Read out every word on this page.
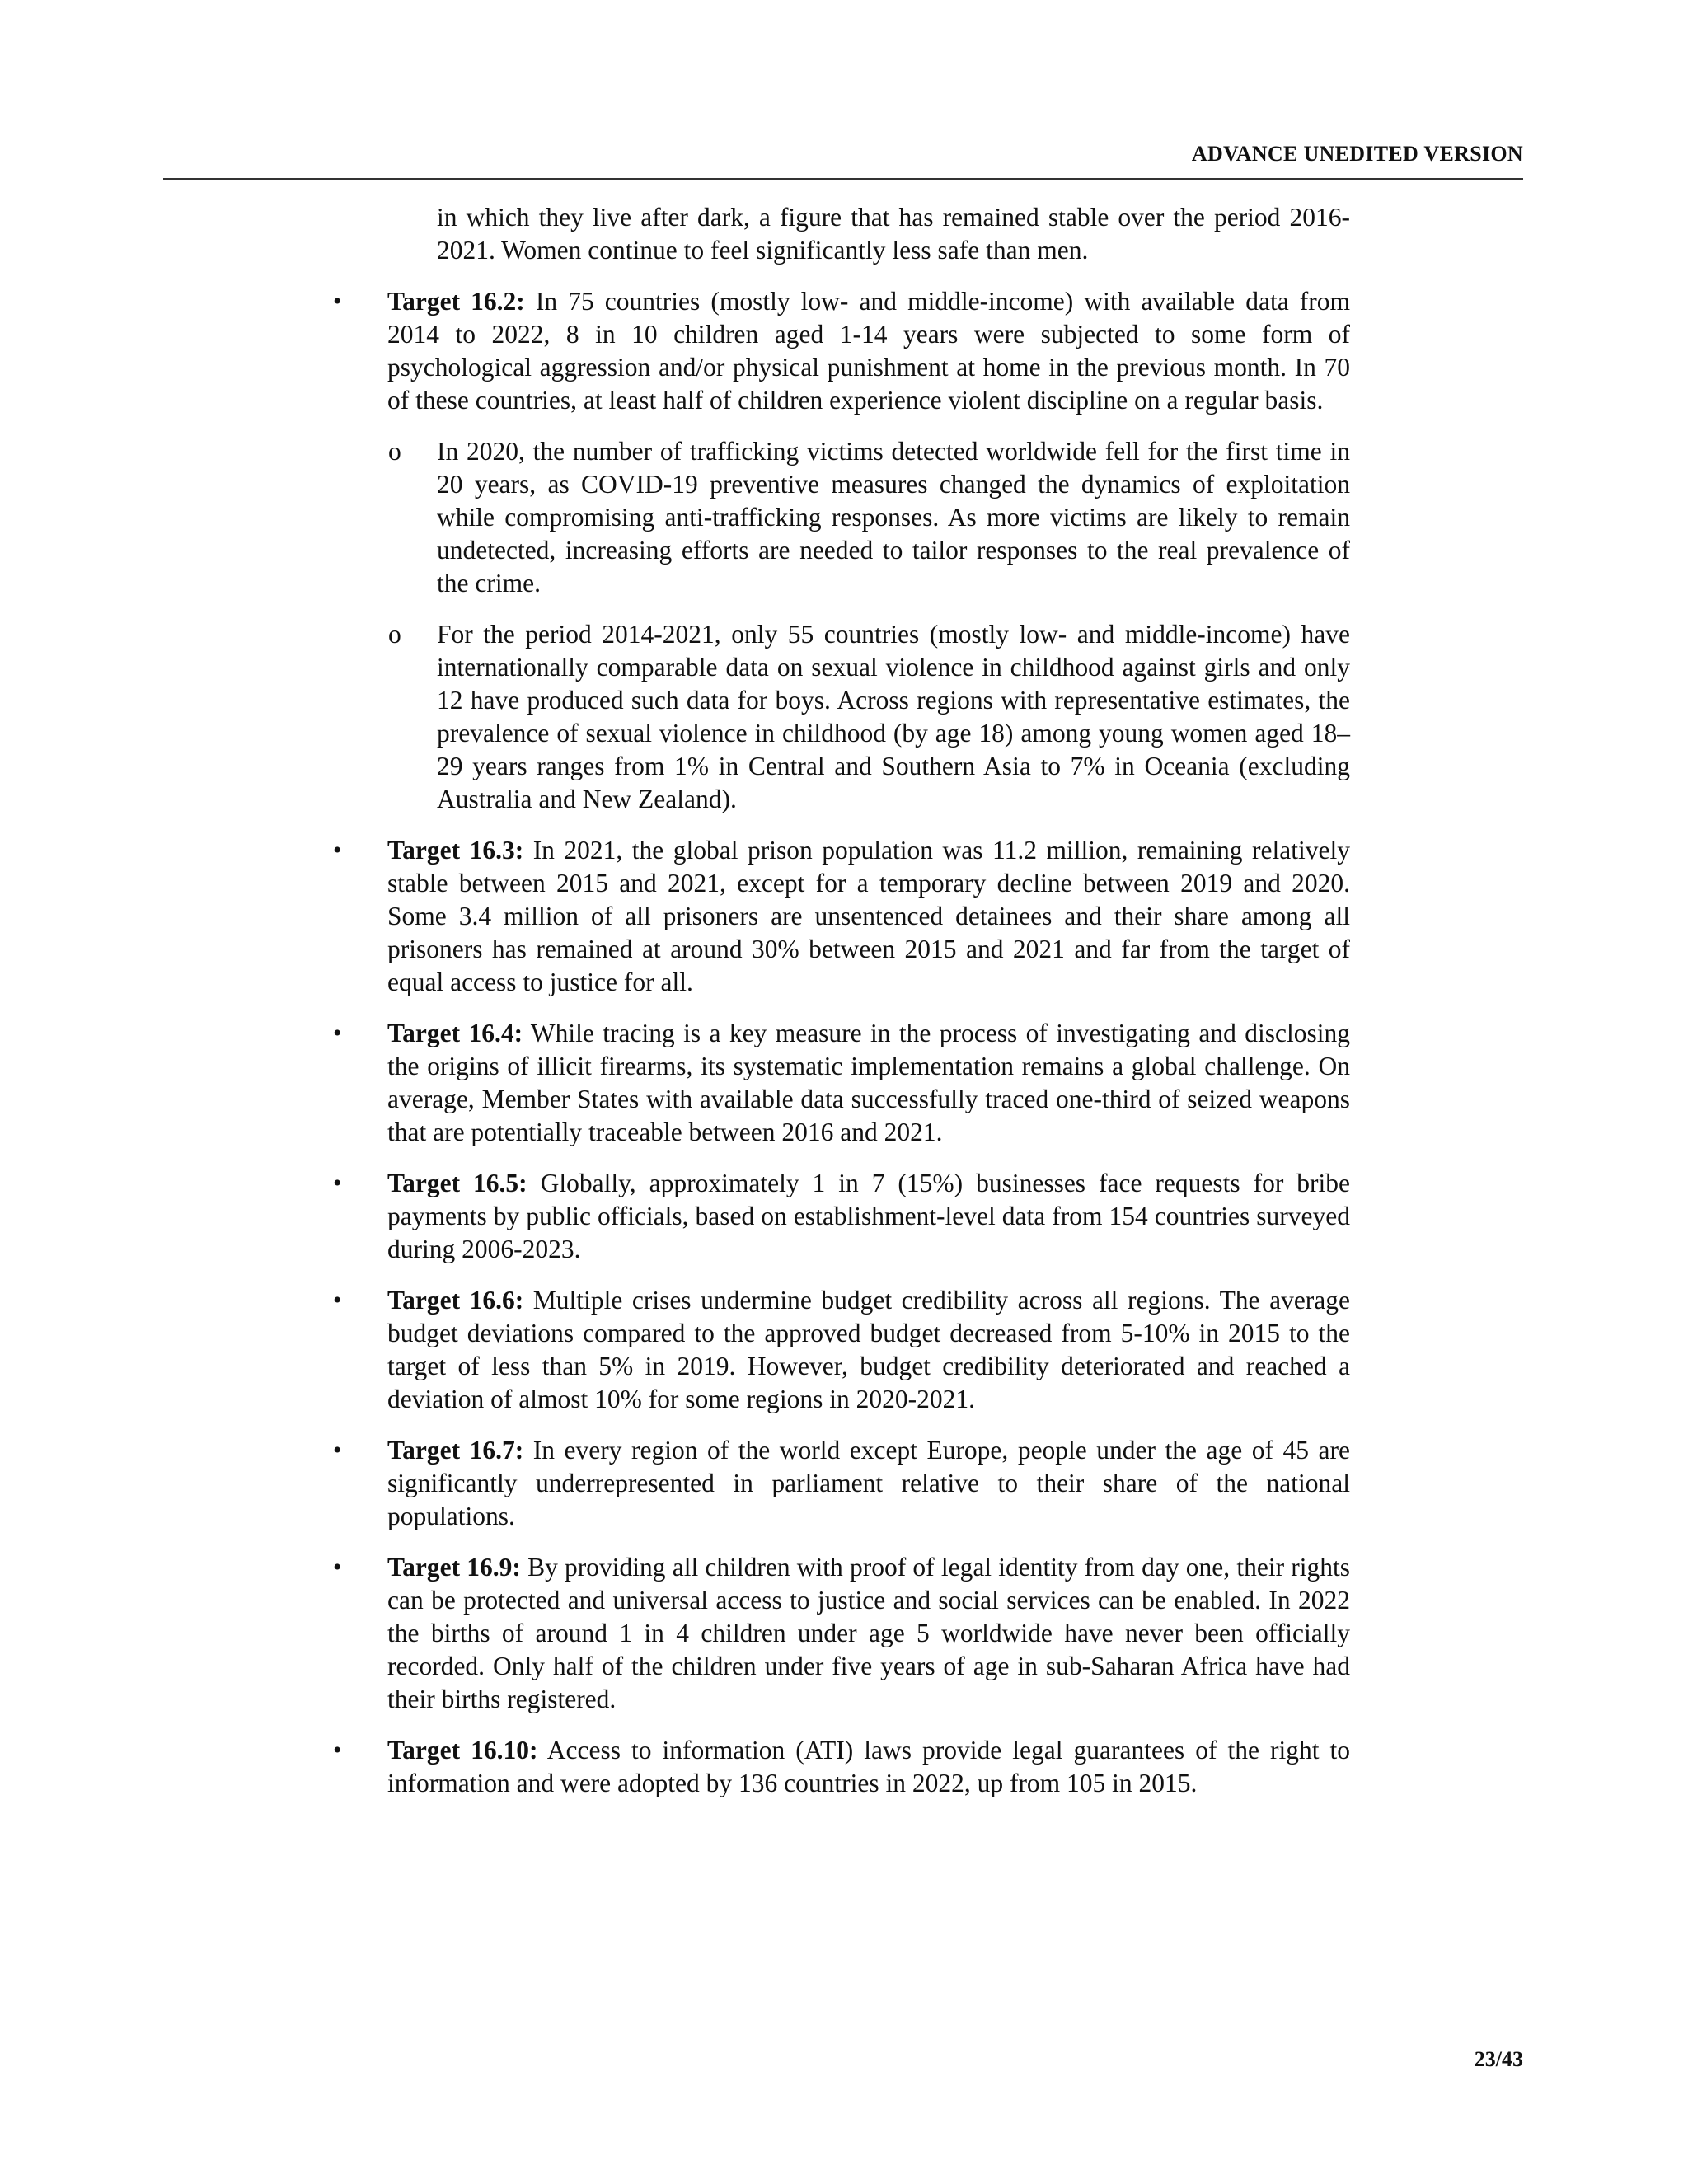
ADVANCE UNEDITED VERSION

in which they live after dark, a figure that has remained stable over the period 2016-2021. Women continue to feel significantly less safe than men.

• Target 16.2: In 75 countries (mostly low- and middle-income) with available data from 2014 to 2022, 8 in 10 children aged 1-14 years were subjected to some form of psychological aggression and/or physical punishment at home in the previous month. In 70 of these countries, at least half of children experience violent discipline on a regular basis.
o In 2020, the number of trafficking victims detected worldwide fell for the first time in 20 years, as COVID-19 preventive measures changed the dynamics of exploitation while compromising anti-trafficking responses. As more victims are likely to remain undetected, increasing efforts are needed to tailor responses to the real prevalence of the crime.
o For the period 2014-2021, only 55 countries (mostly low- and middle-income) have internationally comparable data on sexual violence in childhood against girls and only 12 have produced such data for boys. Across regions with representative estimates, the prevalence of sexual violence in childhood (by age 18) among young women aged 18–29 years ranges from 1% in Central and Southern Asia to 7% in Oceania (excluding Australia and New Zealand).
• Target 16.3: In 2021, the global prison population was 11.2 million, remaining relatively stable between 2015 and 2021, except for a temporary decline between 2019 and 2020. Some 3.4 million of all prisoners are unsentenced detainees and their share among all prisoners has remained at around 30% between 2015 and 2021 and far from the target of equal access to justice for all.
• Target 16.4: While tracing is a key measure in the process of investigating and disclosing the origins of illicit firearms, its systematic implementation remains a global challenge. On average, Member States with available data successfully traced one-third of seized weapons that are potentially traceable between 2016 and 2021.
• Target 16.5: Globally, approximately 1 in 7 (15%) businesses face requests for bribe payments by public officials, based on establishment-level data from 154 countries surveyed during 2006-2023.
• Target 16.6: Multiple crises undermine budget credibility across all regions. The average budget deviations compared to the approved budget decreased from 5-10% in 2015 to the target of less than 5% in 2019. However, budget credibility deteriorated and reached a deviation of almost 10% for some regions in 2020-2021.
• Target 16.7: In every region of the world except Europe, people under the age of 45 are significantly underrepresented in parliament relative to their share of the national populations.
• Target 16.9: By providing all children with proof of legal identity from day one, their rights can be protected and universal access to justice and social services can be enabled. In 2022 the births of around 1 in 4 children under age 5 worldwide have never been officially recorded. Only half of the children under five years of age in sub-Saharan Africa have had their births registered.
• Target 16.10: Access to information (ATI) laws provide legal guarantees of the right to information and were adopted by 136 countries in 2022, up from 105 in 2015.
23/43
